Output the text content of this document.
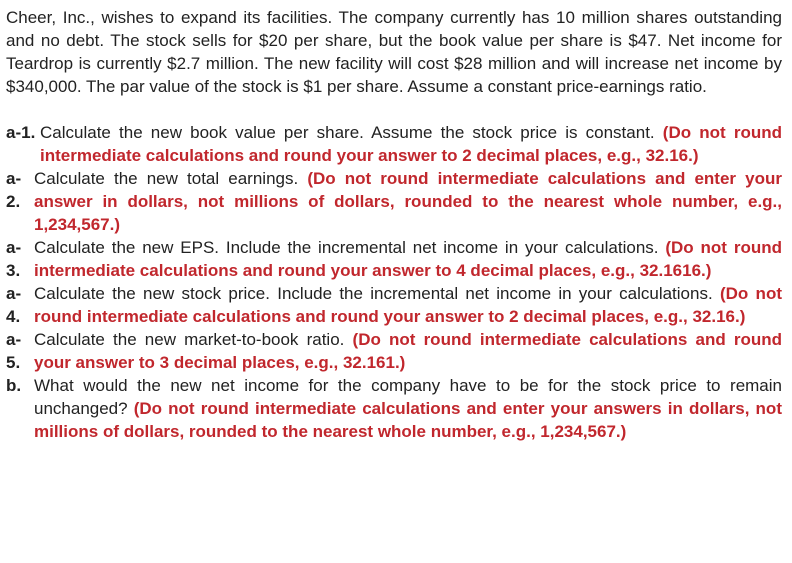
Cheer, Inc., wishes to expand its facilities. The company currently has 10 million shares outstanding and no debt. The stock sells for $20 per share, but the book value per share is $47. Net income for Teardrop is currently $2.7 million. The new facility will cost $28 million and will increase net income by $340,000. The par value of the stock is $1 per share. Assume a constant price-earnings ratio.

a-1. Calculate the new book value per share. Assume the stock price is constant. (Do not round intermediate calculations and round your answer to 2 decimal places, e.g., 32.16.)
a-
2.
Calculate the new total earnings. (Do not round intermediate calculations and enter your answer in dollars, not millions of dollars, rounded to the nearest whole number, e.g., 1,234,567.)
a-
3.
Calculate the new EPS. Include the incremental net income in your calculations. (Do not round intermediate calculations and round your answer to 4 decimal places, e.g., 32.1616.)
a-
4.
Calculate the new stock price. Include the incremental net income in your calculations. (Do not round intermediate calculations and round your answer to 2 decimal places, e.g., 32.16.)
a-
5.
Calculate the new market-to-book ratio. (Do not round intermediate calculations and round your answer to 3 decimal places, e.g., 32.161.)
b. What would the new net income for the company have to be for the stock price to remain unchanged? (Do not round intermediate calculations and enter your answers in dollars, not millions of dollars, rounded to the nearest whole number, e.g., 1,234,567.)
